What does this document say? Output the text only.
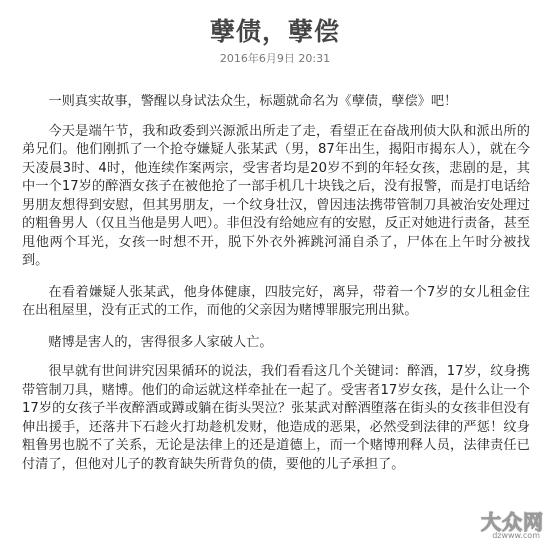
孽债，孽偿
2016年6月9日 20:31

一则真实故事，警醒以身试法众生，标题就命名为《孽债，孽偿》吧！

今天是端午节，我和政委到兴源派出所走了走，看望正在奋战刑侦大队和派出所的弟兄们。他们刚抓了一个抢夺嫌疑人张某武（男，87年出生，揭阳市揭东人），就在今天凌晨3时、4时，他连续作案两宗，受害者均是20岁不到的年轻女孩，悲剧的是，其中一个17岁的醉酒女孩子在被他抢了一部手机几十块钱之后，没有报警，而是打电话给男朋友想得到安慰，但其男朋友，一个纹身壮汉，曾因违法携带管制刀具被治安处理过的粗鲁男人（仅且当他是男人吧）。非但没有给她应有的安慰，反正对她进行责备，甚至甩他两个耳光，女孩一时想不开，脱下外衣外裤跳河涌自杀了，尸体在上午时分被找到。

在看着嫌疑人张某武，他身体健康，四肢完好，离异，带着一个7岁的女儿租金住在出租屋里，没有正式的工作，而他的父亲因为赌博罪服完刑出狱。

赌博是害人的，害得很多人家破人亡。

很早就有世间讲究因果循环的说法，我们看看这几个关键词：醉酒，17岁，纹身携带管制刀具，赌博。他们的命运就这样牵扯在一起了。受害者17岁女孩，是什么让一个17岁的女孩子半夜醉酒或蹲或躺在街头哭泣？张某武对醉酒堕落在街头的女孩非但没有伸出援手，还落井下石趁火打劫趁机发财，他造成的恶果，必然受到法律的严惩！纹身粗鲁男也脱不了关系，无论是法律上的还是道德上，而一个赌博刑释人员，法律责任已付清了，但他对儿子的教育缺失所背负的债，要他的儿子承担了。

大众网
dzwww.com
